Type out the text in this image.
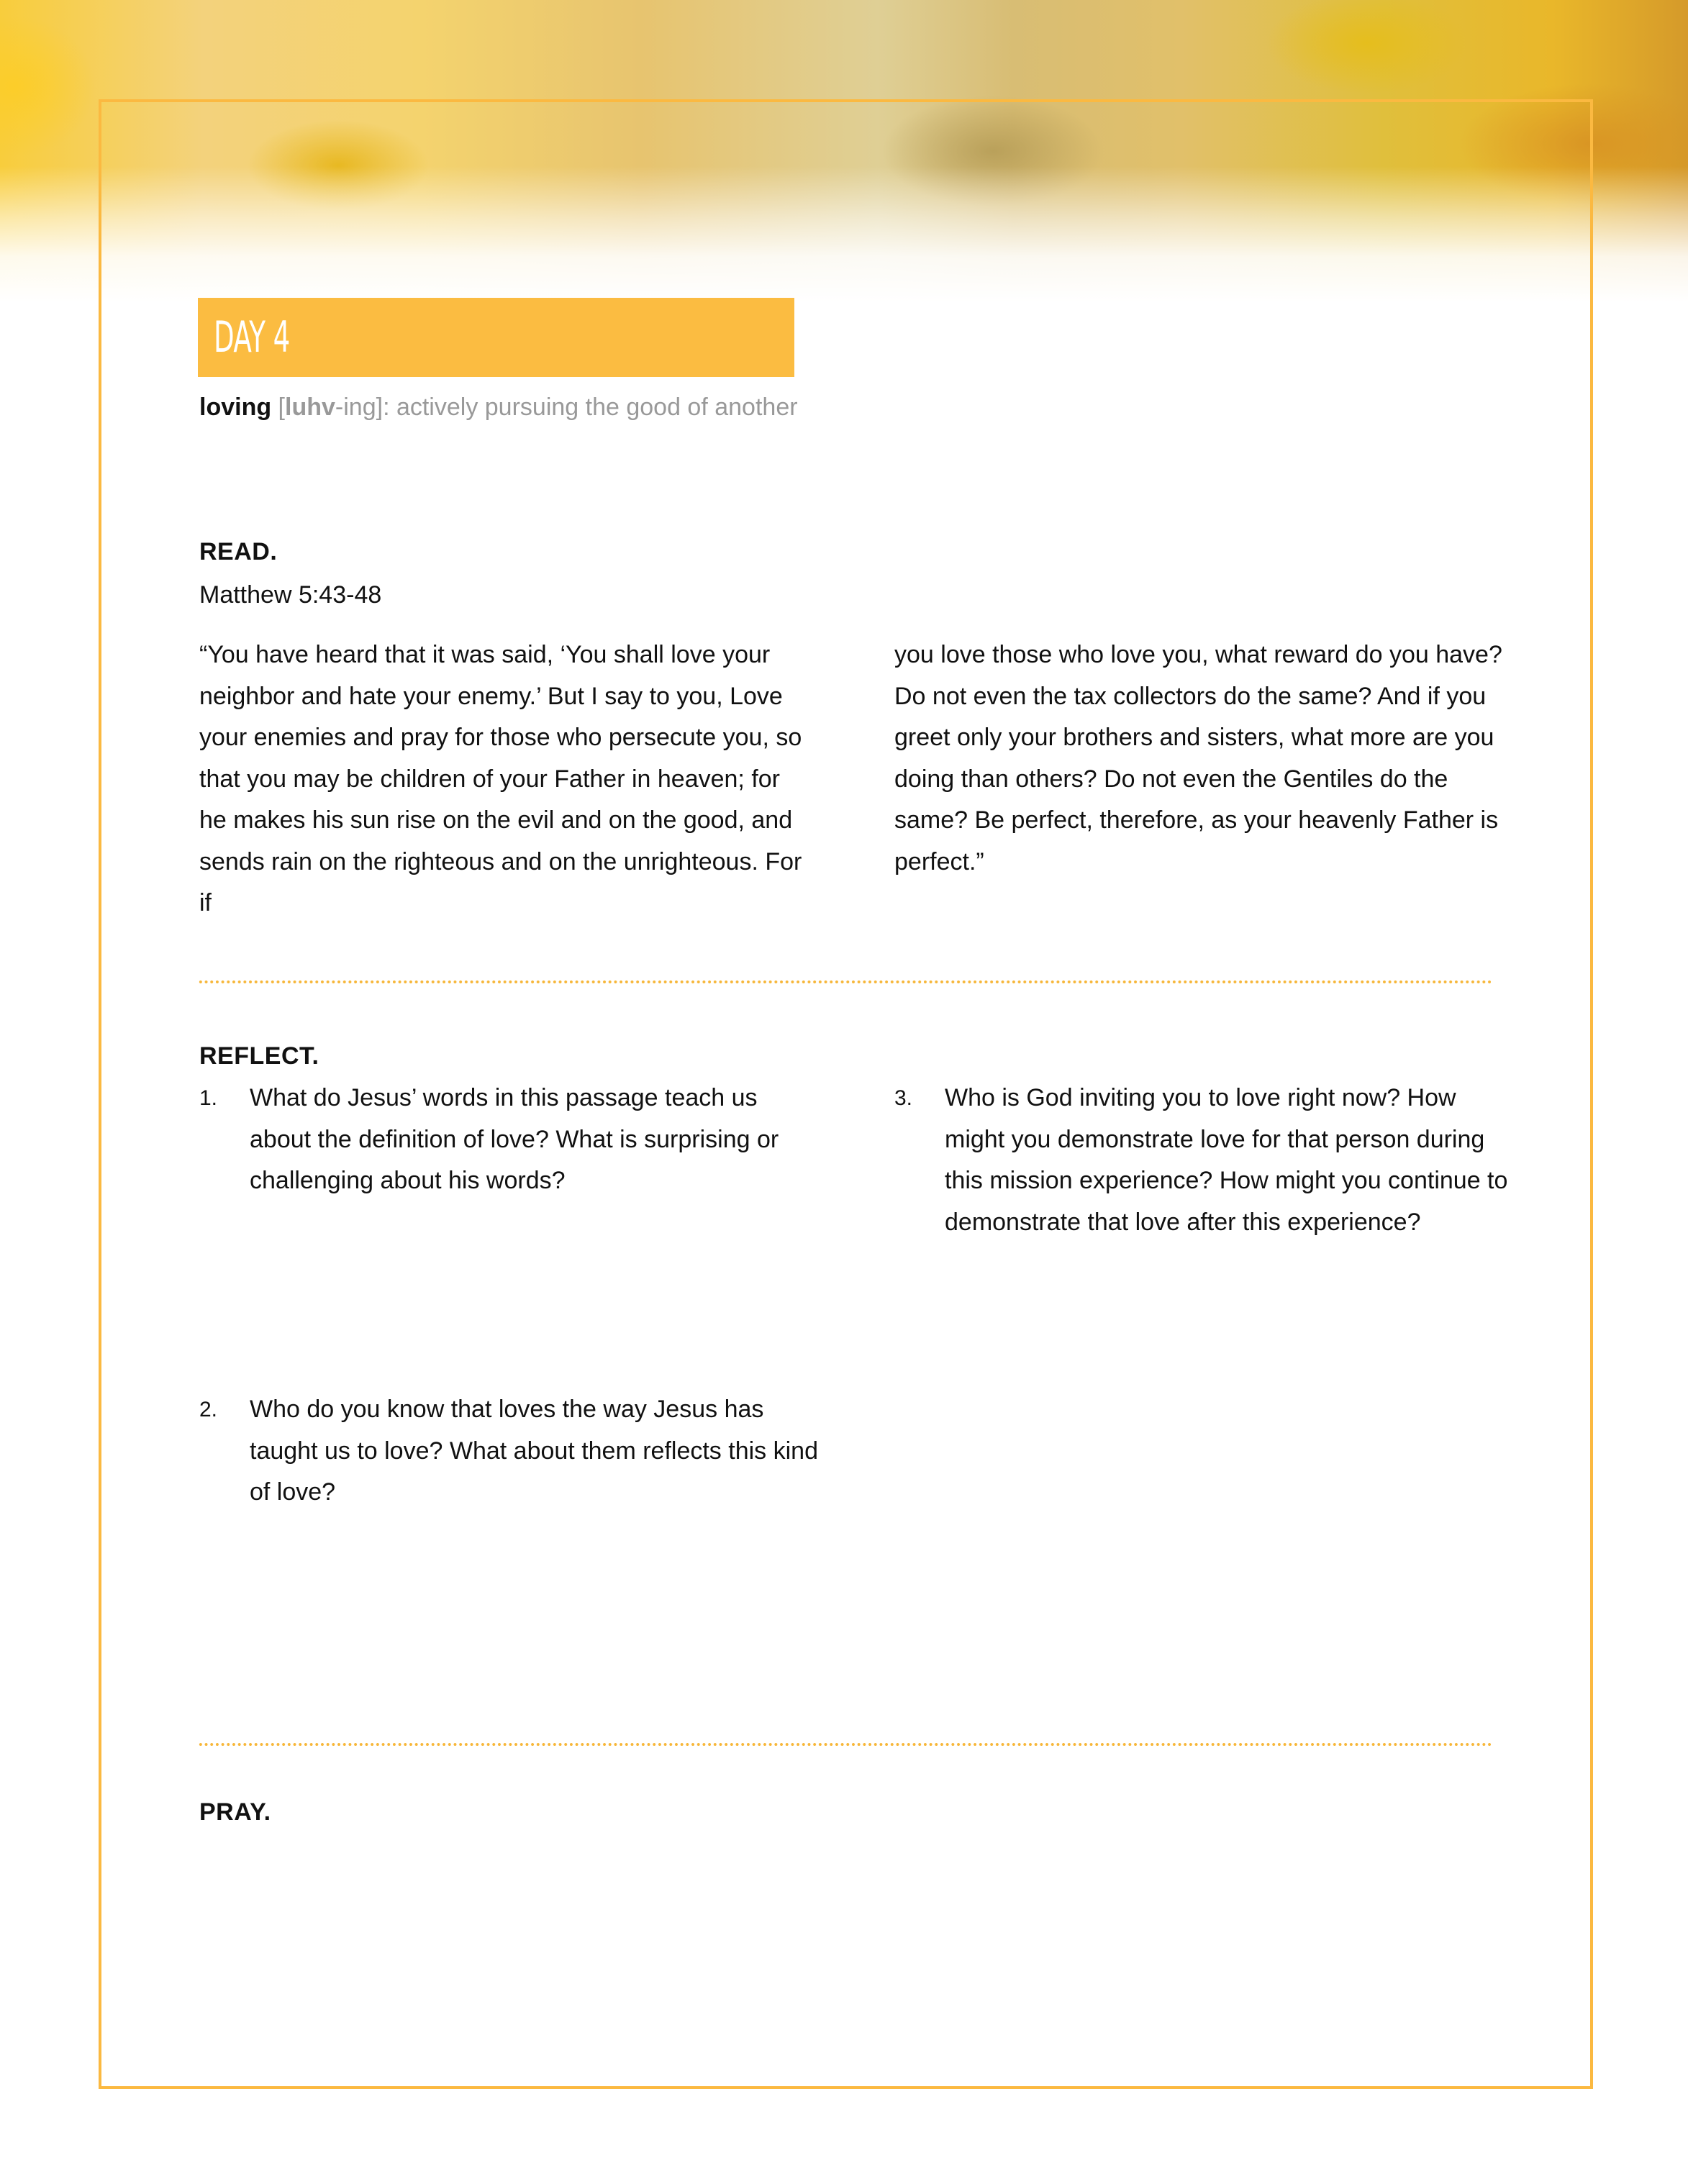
DAY 4
loving [luhv-ing]: actively pursuing the good of another
READ.
Matthew 5:43-48
“You have heard that it was said, ‘You shall love your neighbor and hate your enemy.’ But I say to you, Love your enemies and pray for those who persecute you, so that you may be children of your Father in heaven; for he makes his sun rise on the evil and on the good, and sends rain on the righteous and on the unrighteous. For if
you love those who love you, what reward do you have? Do not even the tax collectors do the same? And if you greet only your brothers and sisters, what more are you doing than others? Do not even the Gentiles do the same? Be perfect, therefore, as your heavenly Father is perfect.”
REFLECT.
1. What do Jesus’ words in this passage teach us about the definition of love? What is surprising or challenging about his words?
2. Who do you know that loves the way Jesus has taught us to love? What about them reflects this kind of love?
3. Who is God inviting you to love right now? How might you demonstrate love for that person during this mission experience? How might you continue to demonstrate that love after this experience?
PRAY.
